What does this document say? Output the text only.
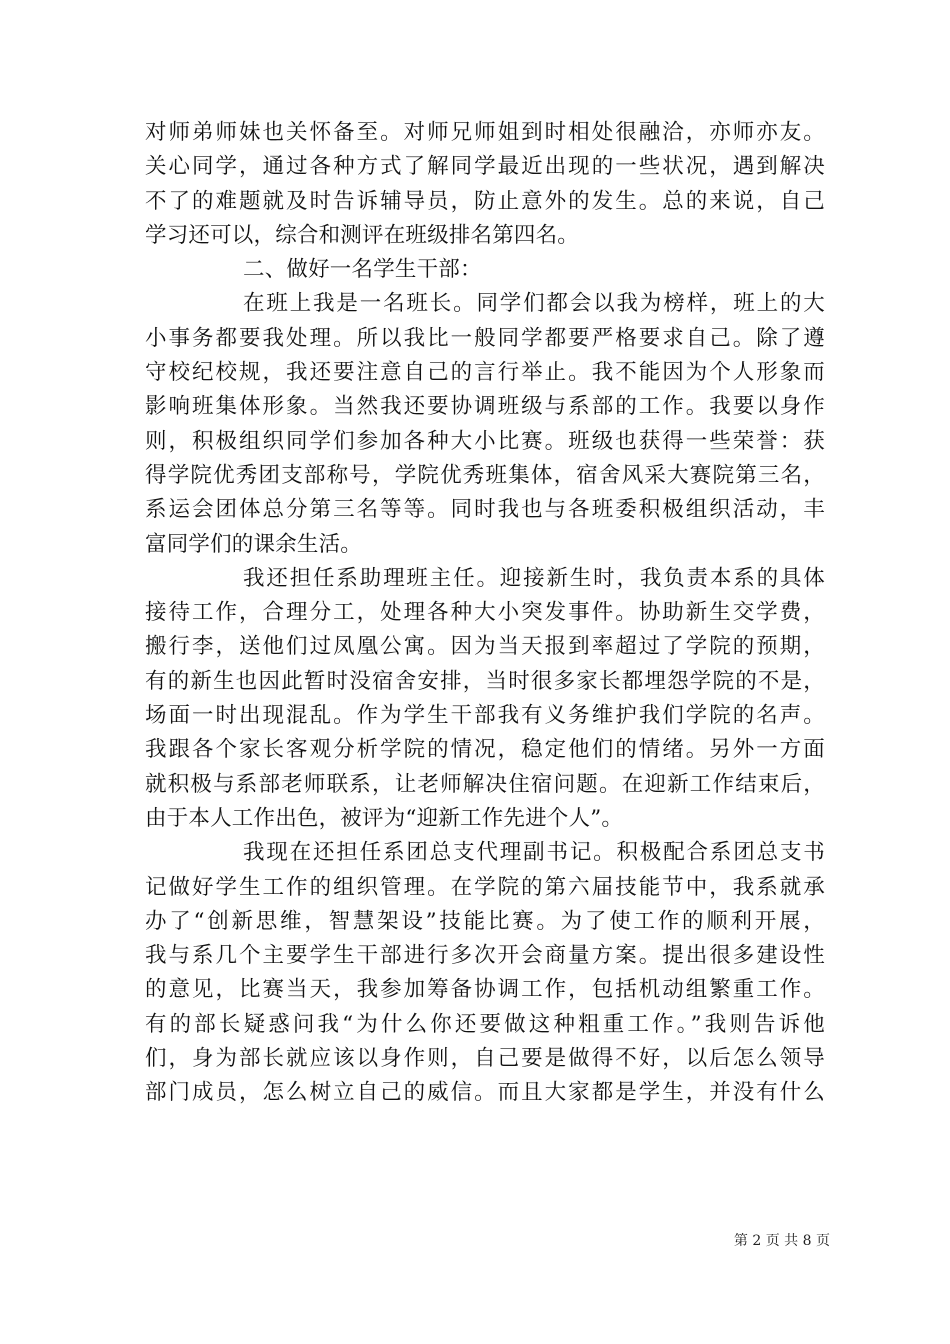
对师弟师妹也关怀备至。对师兄师姐到时相处很融洽，亦师亦友。
关心同学，通过各种方式了解同学最近出现的一些状况，遇到解决
不了的难题就及时告诉辅导员，防止意外的发生。总的来说，自己
学习还可以，综合和测评在班级排名第四名。
二、做好一名学生干部：
在班上我是一名班长。同学们都会以我为榜样，班上的大
小事务都要我处理。所以我比一般同学都要严格要求自己。除了遵
守校纪校规，我还要注意自己的言行举止。我不能因为个人形象而
影响班集体形象。当然我还要协调班级与系部的工作。我要以身作
则，积极组织同学们参加各种大小比赛。班级也获得一些荣誉：获
得学院优秀团支部称号，学院优秀班集体，宿舍风采大赛院第三名，
系运会团体总分第三名等等。同时我也与各班委积极组织活动，丰
富同学们的课余生活。
我还担任系助理班主任。迎接新生时，我负责本系的具体
接待工作，合理分工，处理各种大小突发事件。协助新生交学费，
搬行李，送他们过凤凰公寓。因为当天报到率超过了学院的预期，
有的新生也因此暂时没宿舍安排，当时很多家长都埋怨学院的不是，
场面一时出现混乱。作为学生干部我有义务维护我们学院的名声。
我跟各个家长客观分析学院的情况，稳定他们的情绪。另外一方面
就积极与系部老师联系，让老师解决住宿问题。在迎新工作结束后，
由于本人工作出色，被评为“迎新工作先进个人”。
我现在还担任系团总支代理副书记。积极配合系团总支书
记做好学生工作的组织管理。在学院的第六届技能节中，我系就承
办了“创新思维，智慧架设”技能比赛。为了使工作的顺利开展，
我与系几个主要学生干部进行多次开会商量方案。提出很多建设性
的意见，比赛当天，我参加筹备协调工作，包括机动组繁重工作。
有的部长疑惑问我“为什么你还要做这种粗重工作。”我则告诉他
们，身为部长就应该以身作则，自己要是做得不好，以后怎么领导
部门成员，怎么树立自己的威信。而且大家都是学生，并没有什么
第 2 页 共 8 页
